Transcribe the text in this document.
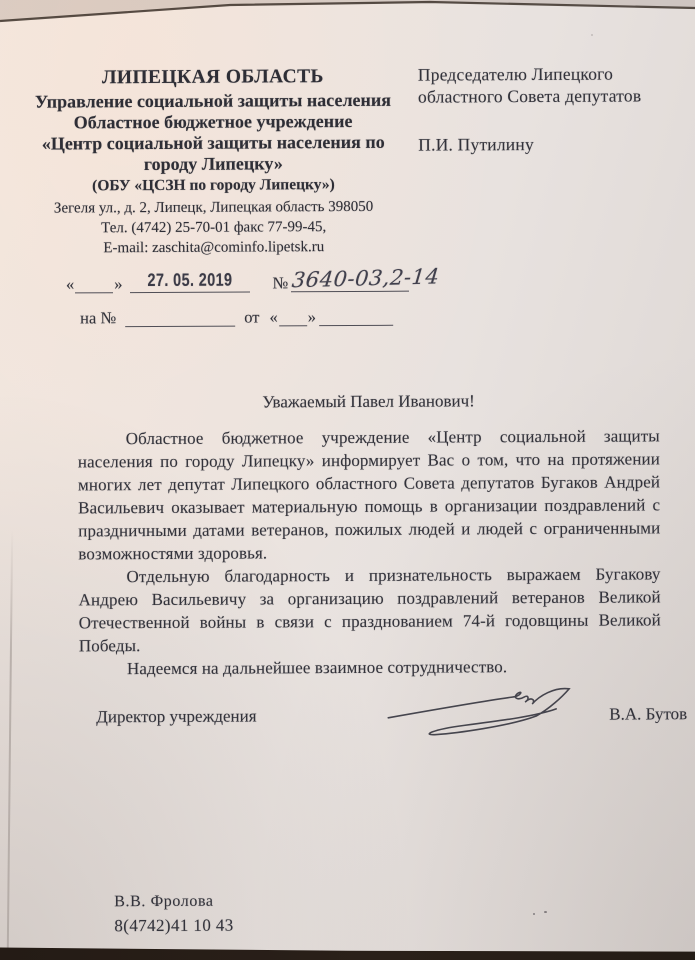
ЛИПЕЦКАЯ ОБЛАСТЬ
Управление социальной защиты населения
Областное бюджетное учреждение
«Центр социальной защиты населения по городу Липецку»
(ОБУ «ЦСЗН по городу Липецку»)
Зегеля ул., д. 2, Липецк, Липецкая область 398050
Тел. (4742) 25-70-01 факс 77-99-45,
E-mail: zaschita@cominfo.lipetsk.ru
Председателю Липецкого областного Совета депутатов
П.И. Путилину
« »	27. 05. 2019	№ 3640-03,2-14
на №	от « »
Уважаемый Павел Иванович!

Областное бюджетное учреждение «Центр социальной защиты населения по городу Липецку» информирует Вас о том, что на протяжении многих лет депутат Липецкого областного Совета депутатов Бугаков Андрей Васильевич оказывает материальную помощь в организации поздравлений с праздничными датами ветеранов, пожилых людей и людей с ограниченными возможностями здоровья.

Отдельную благодарность и признательность выражаем Бугакову Андрею Васильевичу за организацию поздравлений ветеранов Великой Отечественной войны в связи с празднованием 74-й годовщины Великой Победы.

Надеемся на дальнейшее взаимное сотрудничество.

Директор учреждения	В.А. Бутов
В.В. Фролова
8(4742)41 10 43
